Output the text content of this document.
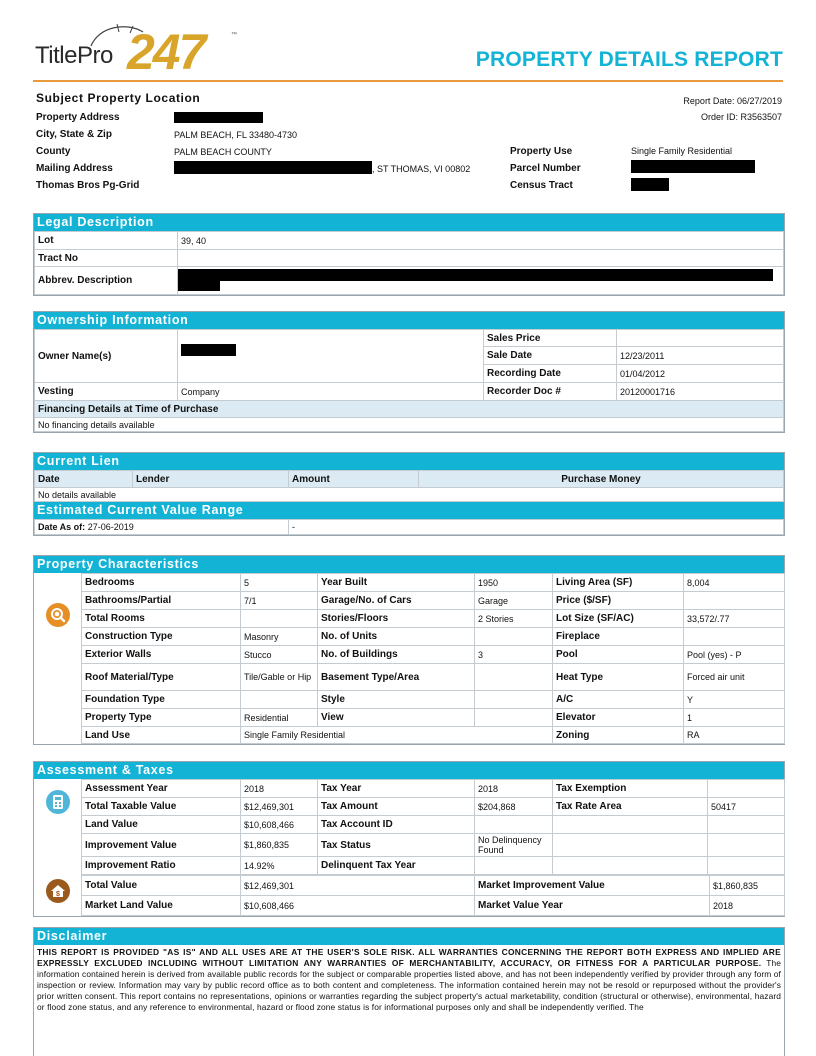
TitlePro 247	™
PROPERTY DETAILS REPORT
Subject Property Location	Report Date: 06/27/2019
Order ID: R3563507
Property Address
City, State & Zip	PALM BEACH, FL 33480-4730
County	PALM BEACH COUNTY
Mailing Address	, ST THOMAS, VI 00802
Thomas Bros Pg-Grid
Property Use	Single Family Residential
Parcel Number
Census Tract
Legal Description
Lot	39, 40
Tract No	
Abbrev. Description	
Ownership Information
Owner Name(s)		Sales Price	
		Sale Date	12/23/2011
		Recording Date	01/04/2012
Vesting	Company	Recorder Doc #	20120001716
Financing Details at Time of Purchase			
No financing details available			
Current Lien
Date	Lender	Amount	Purchase Money
No details available
Estimated Current Value Range
Date As of: 27-06-2019	-
Property Characteristics
Bedrooms	5	Year Built	1950	Living Area (SF)	8,004
Bathrooms/Partial	7/1	Garage/No. of Cars	Garage	Price ($/SF)	
Total Rooms		Stories/Floors	2 Stories	Lot Size (SF/AC)	33,572/.77
Construction Type	Masonry	No. of Units		Fireplace	
Exterior Walls	Stucco	No. of Buildings	3	Pool	Pool (yes) - P
Roof Material/Type	Tile/Gable or Hip	Basement Type/Area		Heat Type	Forced air unit
Foundation Type		Style		A/C	Y
Property Type	Residential	View		Elevator	1
Land Use	Single Family Residential			Zoning	RA
Assessment & Taxes
$
Assessment Year	2018	Tax Year	2018	Tax Exemption	
Total Taxable Value	$12,469,301	Tax Amount	$204,868	Tax Rate Area	50417
Land Value	$10,608,466	Tax Account ID			
Improvement Value	$1,860,835	Tax Status	No Delinquency Found		
Improvement Ratio	14.92%	Delinquent Tax Year			
Total Value	$12,469,301	Market Improvement Value	$1,860,835
Market Land Value	$10,608,466	Market Value Year	2018
Disclaimer
THIS REPORT IS PROVIDED "AS IS" AND ALL USES ARE AT THE USER'S SOLE RISK. ALL WARRANTIES CONCERNING THE REPORT BOTH EXPRESS AND IMPLIED ARE EXPRESSLY EXCLUDED INCLUDING WITHOUT LIMITATION ANY WARRANTIES OF MERCHANTABILITY, ACCURACY, OR FITNESS FOR A PARTICULAR PURPOSE. The information contained herein is derived from available public records for the subject or comparable properties listed above, and has not been independently verified by provider through any form of inspection or review. Information may vary by public record office as to both content and completeness. The information contained herein may not be resold or repurposed without the provider's prior written consent. This report contains no representations, opinions or warranties regarding the subject property's actual marketability, condition (structural or otherwise), environmental, hazard or flood zone status, and any reference to environmental, hazard or flood zone status is for informational purposes only and shall be independently verified. The
